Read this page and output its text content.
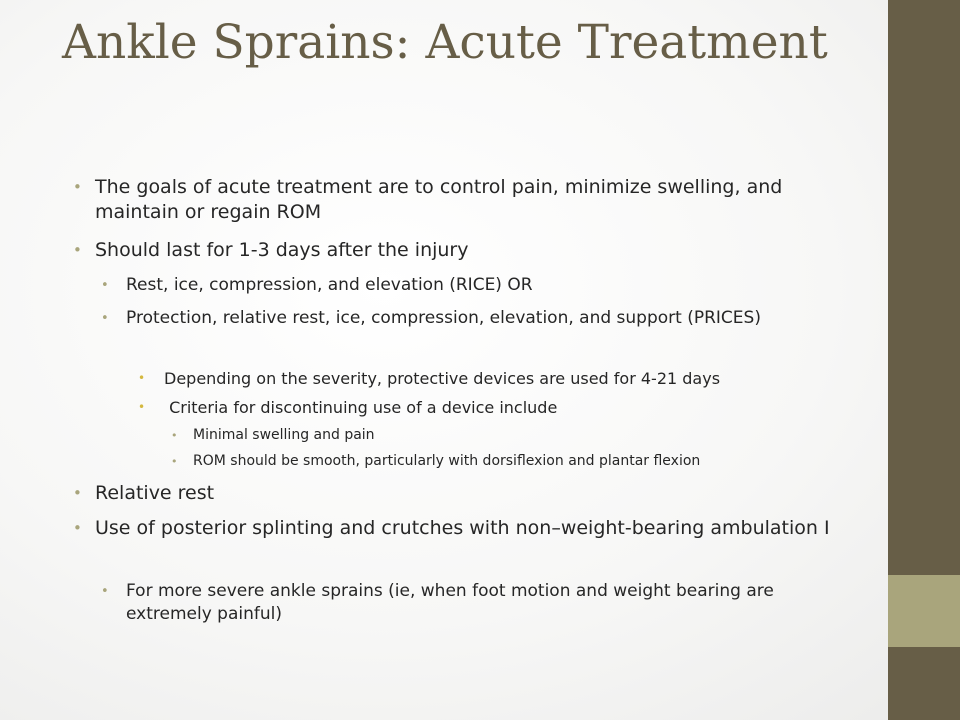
Ankle Sprains: Acute Treatment
• The goals of acute treatment are to control pain, minimize swelling, and maintain or regain ROM
• Should last for 1-3 days after the injury
• Rest, ice, compression, and elevation (RICE) OR
• Protection, relative rest, ice, compression, elevation, and support (PRICES)
• Depending on the severity, protective devices are used for 4-21 days
• Criteria for discontinuing use of a device include
• Minimal swelling and pain
• ROM should be smooth, particularly with dorsiflexion and plantar flexion
• Relative rest
• Use of posterior splinting and crutches with non–weight-bearing ambulation I
• For more severe ankle sprains (ie, when foot motion and weight bearing are extremely painful)
